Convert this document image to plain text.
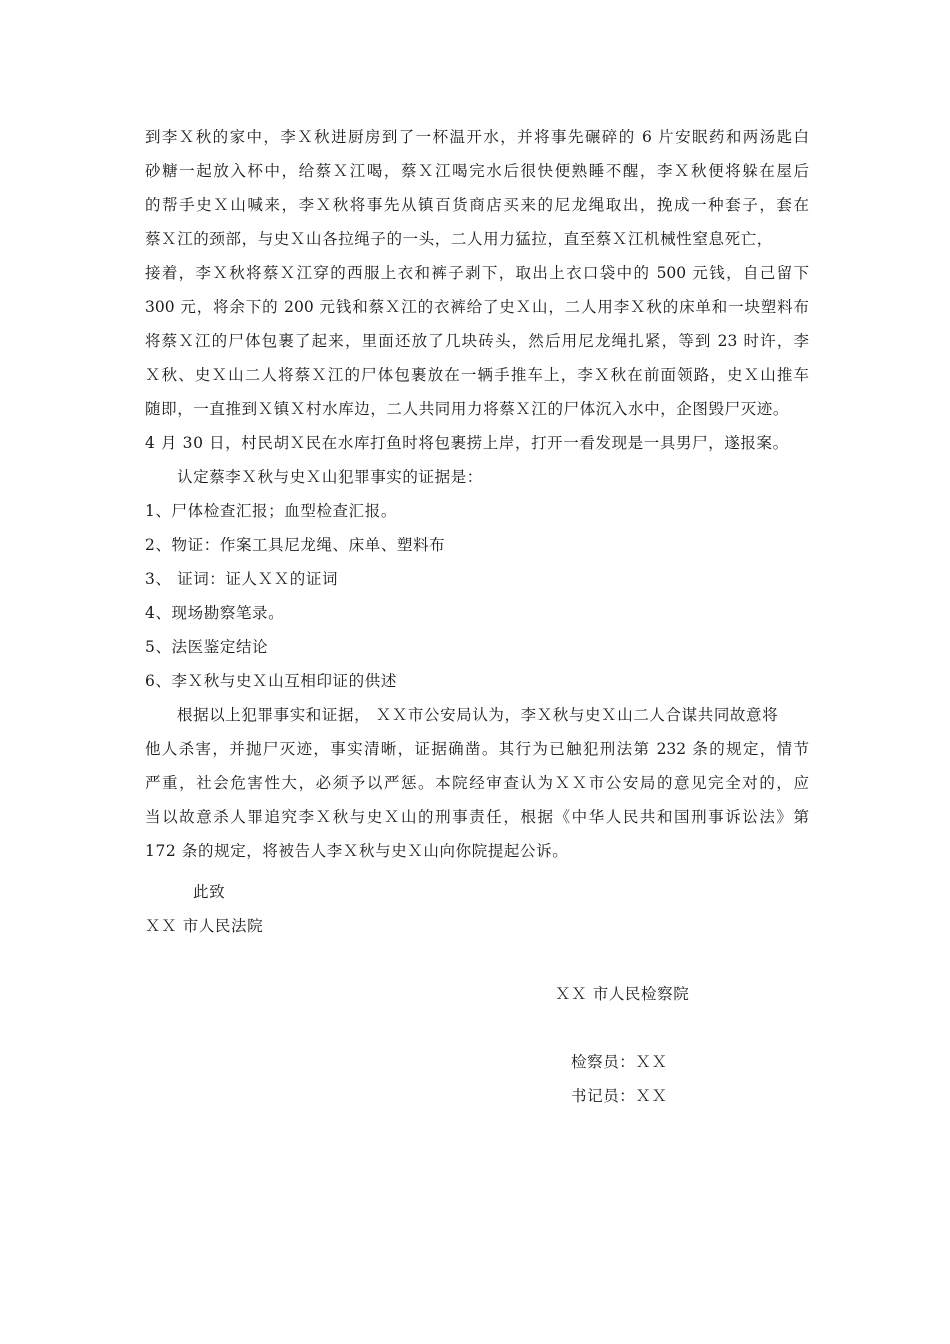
到李Ｘ秋的家中，李Ｘ秋进厨房到了一杯温开水，并将事先碾碎的 6 片安眠药和两汤匙白
砂糖一起放入杯中，给蔡Ｘ江喝，蔡Ｘ江喝完水后很快便熟睡不醒，李Ｘ秋便将躲在屋后
的帮手史Ｘ山喊来，李Ｘ秋将事先从镇百货商店买来的尼龙绳取出，挽成一种套子，套在
蔡Ｘ江的颈部，与史Ｘ山各拉绳子的一头，二人用力猛拉，直至蔡Ｘ江机械性窒息死亡，
接着，李Ｘ秋将蔡Ｘ江穿的西服上衣和裤子剥下，取出上衣口袋中的 500 元钱，自己留下
300 元，将余下的 200 元钱和蔡Ｘ江的衣裤给了史Ｘ山，二人用李Ｘ秋的床单和一块塑料布
将蔡Ｘ江的尸体包裹了起来，里面还放了几块砖头，然后用尼龙绳扎紧，等到 23 时许，李
Ｘ秋、史Ｘ山二人将蔡Ｘ江的尸体包裹放在一辆手推车上，李Ｘ秋在前面领路，史Ｘ山推车
随即，一直推到Ｘ镇Ｘ村水库边，二人共同用力将蔡Ｘ江的尸体沉入水中，企图毁尸灭迹。
4 月 30 日，村民胡Ｘ民在水库打鱼时将包裹捞上岸，打开一看发现是一具男尸，遂报案。
认定蔡李Ｘ秋与史Ｘ山犯罪事实的证据是：
1、尸体检查汇报；血型检查汇报。
2、物证：作案工具尼龙绳、床单、塑料布
3、 证词：证人ＸＸ的证词
4、现场勘察笔录。
5、法医鉴定结论
6、李Ｘ秋与史Ｘ山互相印证的供述
根据以上犯罪事实和证据， ＸＸ市公安局认为，李Ｘ秋与史Ｘ山二人合谋共同故意将
他人杀害，并抛尸灭迹，事实清晰，证据确凿。其行为已触犯刑法第 232 条的规定，情节
严重，社会危害性大，必须予以严惩。本院经审查认为ＸＸ市公安局的意见完全对的，应
当以故意杀人罪追究李Ｘ秋与史Ｘ山的刑事责任，根据《中华人民共和国刑事诉讼法》第
172 条的规定，将被告人李Ｘ秋与史Ｘ山向你院提起公诉。
此致
ＸＸ 市人民法院
ＸＸ 市人民检察院
检察员：ＸＸ
书记员：ＸＸ
